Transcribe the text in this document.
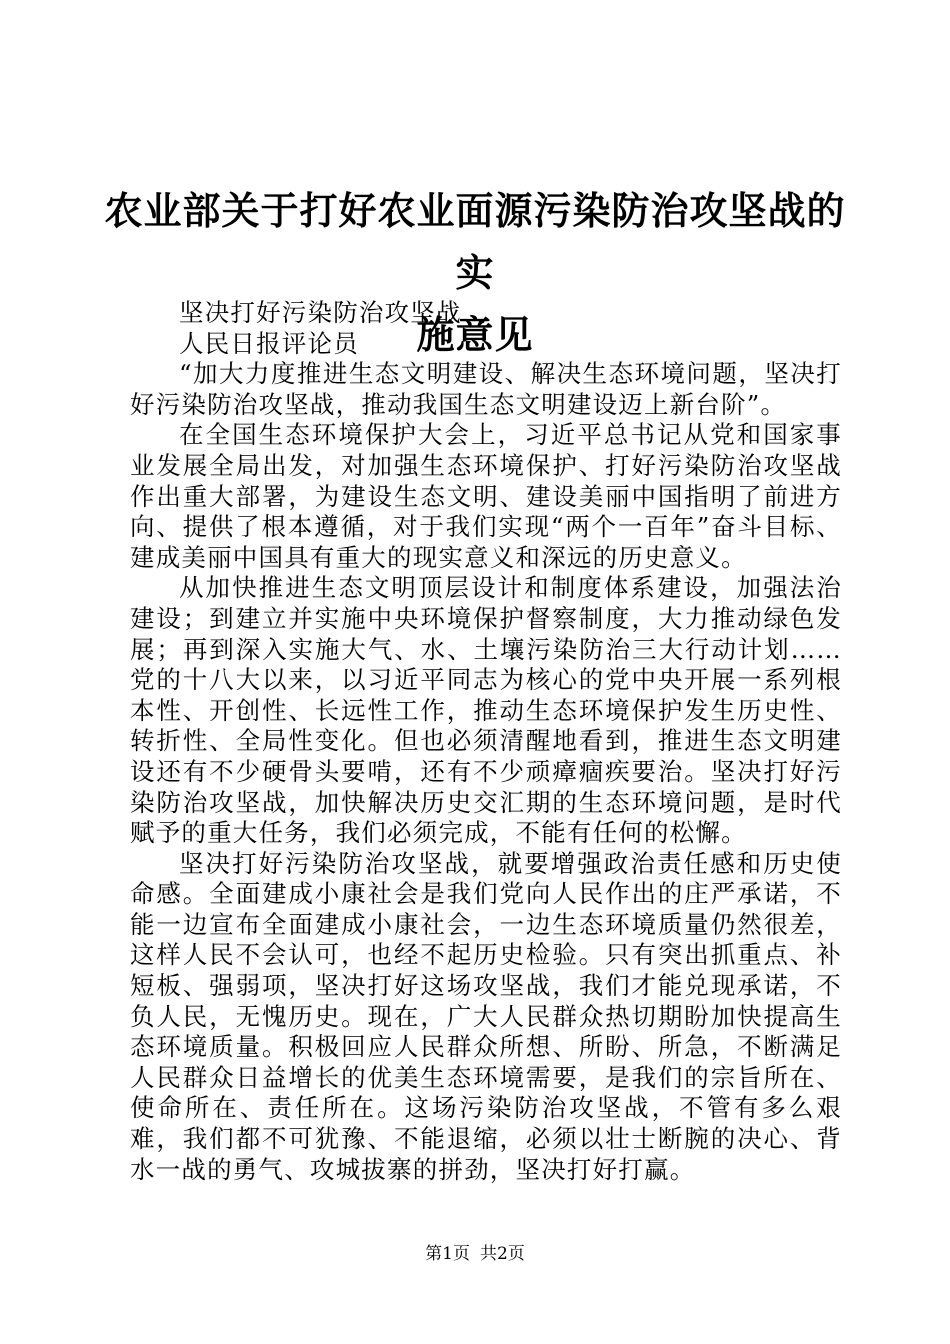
农业部关于打好农业面源污染防治攻坚战的实
施意见

坚决打好污染防治攻坚战

人民日报评论员

“加大力度推进生态文明建设、解决生态环境问题，坚决打好污染防治攻坚战，推动我国生态文明建设迈上新台阶”。

在全国生态环境保护大会上，习近平总书记从党和国家事业发展全局出发，对加强生态环境保护、打好污染防治攻坚战作出重大部署，为建设生态文明、建设美丽中国指明了前进方向、提供了根本遵循，对于我们实现“两个一百年”奋斗目标、建成美丽中国具有重大的现实意义和深远的历史意义。

从加快推进生态文明顶层设计和制度体系建设，加强法治建设；到建立并实施中央环境保护督察制度，大力推动绿色发展；再到深入实施大气、水、土壤污染防治三大行动计划……党的十八大以来，以习近平同志为核心的党中央开展一系列根本性、开创性、长远性工作，推动生态环境保护发生历史性、转折性、全局性变化。但也必须清醒地看到，推进生态文明建设还有不少硬骨头要啃，还有不少顽瘴痼疾要治。坚决打好污染防治攻坚战，加快解决历史交汇期的生态环境问题，是时代赋予的重大任务，我们必须完成，不能有任何的松懈。

坚决打好污染防治攻坚战，就要增强政治责任感和历史使命感。全面建成小康社会是我们党向人民作出的庄严承诺，不能一边宣布全面建成小康社会，一边生态环境质量仍然很差，这样人民不会认可，也经不起历史检验。只有突出抓重点、补短板、强弱项，坚决打好这场攻坚战，我们才能兑现承诺，不负人民，无愧历史。现在，广大人民群众热切期盼加快提高生态环境质量。积极回应人民群众所想、所盼、所急，不断满足人民群众日益增长的优美生态环境需要，是我们的宗旨所在、使命所在、责任所在。这场污染防治攻坚战，不管有多么艰难，我们都不可犹豫、不能退缩，必须以壮士断腕的决心、背水一战的勇气、攻城拔寨的拼劲，坚决打好打赢。

第1页 共2页
